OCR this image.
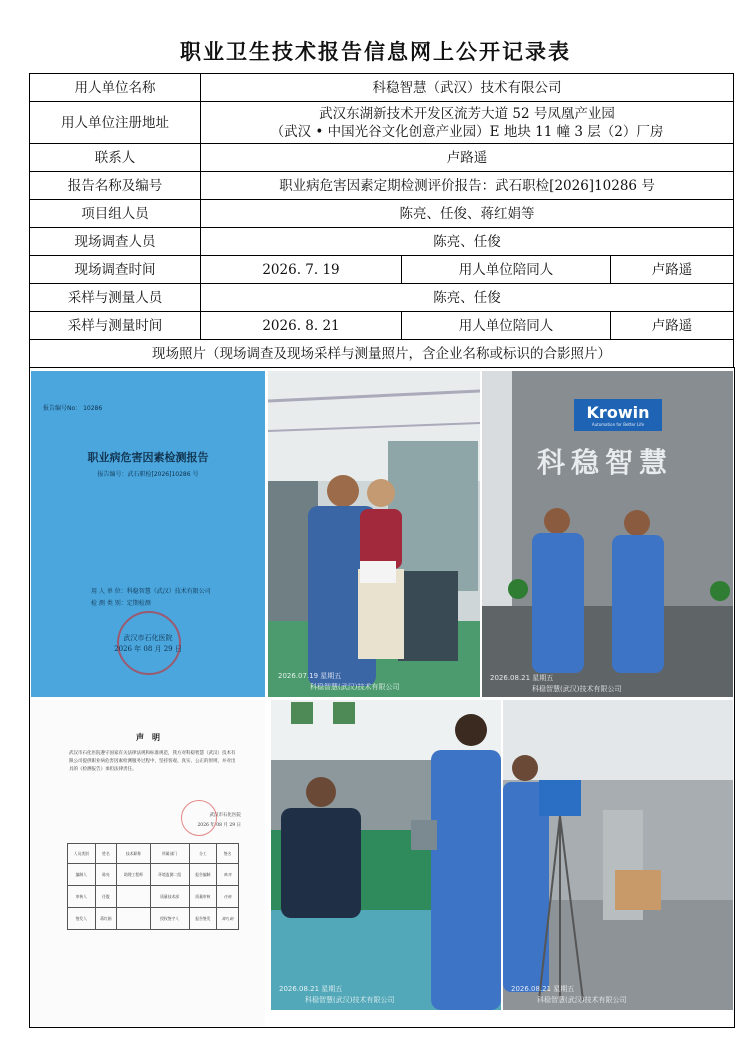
职业卫生技术报告信息网上公开记录表
用人单位名称	科稳智慧（武汉）技术有限公司		
用人单位注册地址	武汉东湖新技术开发区流芳大道 52 号凤凰产业园
（武汉 • 中国光谷文化创意产业园）E 地块 11 幢 3 层（2）厂房		

联系人	卢路遥		
报告名称及编号	职业病危害因素定期检测评价报告：武石职检[2026]10286 号		
项目组人员	陈亮、任俊、蒋红娟等		
现场调查人员	陈亮、任俊		
现场调查时间	2026. 7. 19	用人单位陪同人	卢路遥
采样与测量人员	陈亮、任俊		
采样与测量时间	2026. 8. 21	用人单位陪同人	卢路遥
现场照片（现场调查及现场采样与测量照片，含企业名称或标识的合影照片）			
报告编号No： 10286
职业病危害因素检测报告
报告编号：武石职检[2026]10286 号
用 人 单 位：科稳智慧（武汉）技术有限公司
检 测 类 别：定期检测
武汉市石化医院
2026 年 08 月 29 日
2026.07.19 星期五
科稳智慧(武汉)技术有限公司
Krowin
Automation for Better Life
科稳智慧
2026.08.21 星期五
科稳智慧(武汉)技术有限公司
声　明
武汉市石化医院遵守国家有关法律法规和标准规范，我方对科稳智慧（武汉）技术有限公司提供职业病危害因素检测服务过程中，坚持客观、真实、公正的原则，并对出具的《检测报告》承担法律责任。
武汉市石化医院
2026 年 08 月 29 日
人员类别	姓名	技术职称	所属部门	分工	签名
编制人	陈亮	助理工程师	环境监测二组	报告编制	陈亮
审核人	任俊		质量技术部	质量审核	任俊
签发人	蒋红娟		授权签字人	报告签发	蒋红娟
2026.08.21 星期五
科稳智慧(武汉)技术有限公司
2026.08.21 星期五
科稳智慧(武汉)技术有限公司
